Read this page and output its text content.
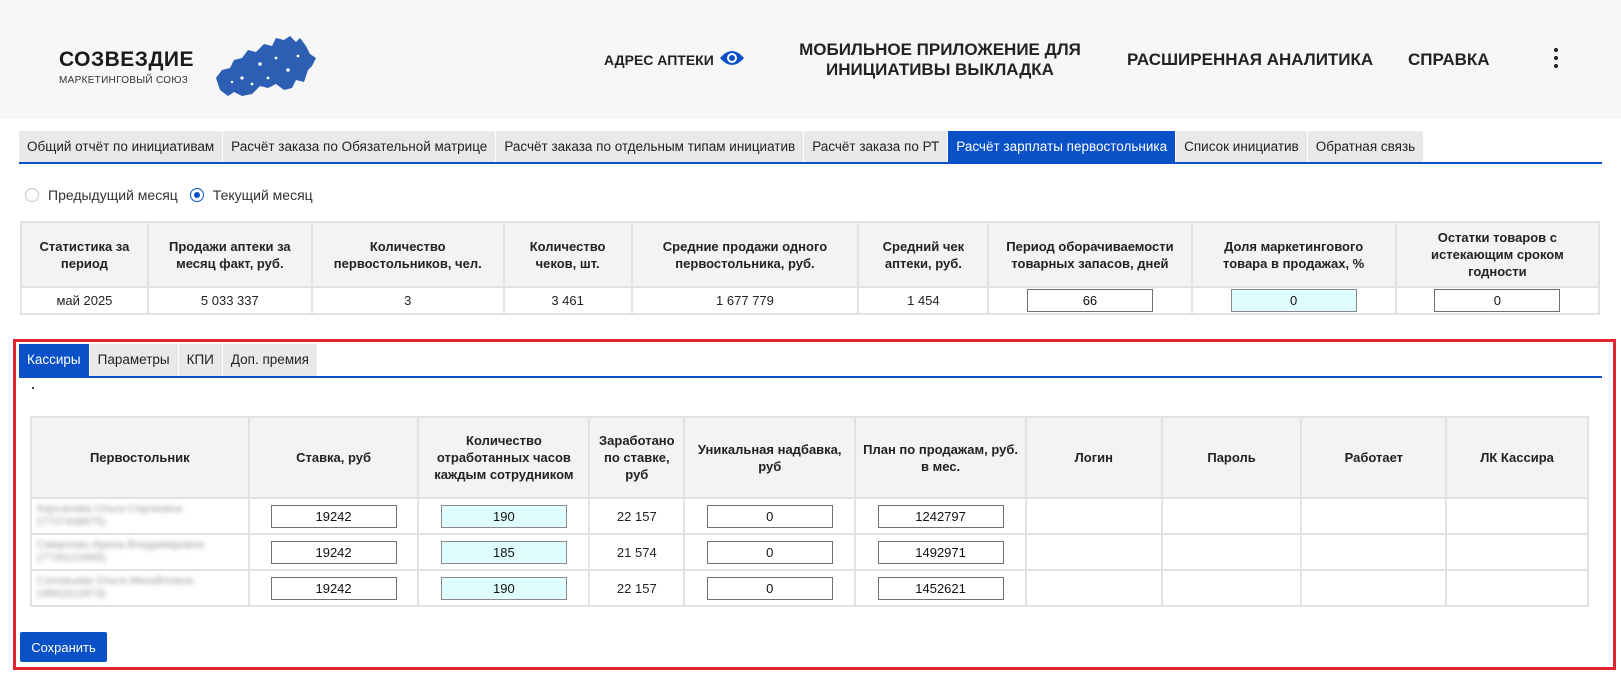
СОЗВЕЗДИЕ
МАРКЕТИНГОВЫЙ СОЮЗ
АДРЕС АПТЕКИ
МОБИЛЬНОЕ ПРИЛОЖЕНИЕ ДЛЯ
ИНИЦИАТИВЫ ВЫКЛАДКА
РАСШИРЕННАЯ АНАЛИТИКА СПРАВКА
Общий отчёт по инициативам	Расчёт заказа по Обязательной матрице	Расчёт заказа по отдельным типам инициатив	Расчёт заказа по РТ	Расчёт зарплаты первостольника	Список инициатив	Обратная связь
Предыдущий месяц	Текущий месяц
Статистика за период	Продажи аптеки за месяц факт, руб.	Количество первостольников, чел.	Количество чеков, шт.	Средние продажи одного первостольника, руб.	Средний чек аптеки, руб.	Период оборачиваемости товарных запасов, дней	Доля маркетингового товара в продажах, %	Остатки товаров с истекающим сроком годности
май 2025	5 033 337	3	3 461	1 677 779	1 454	66	0	0
Кассиры	Параметры	КПИ	Доп. премия
Первостольник	Ставка, руб	Количество отработанных часов каждым сотрудником	Заработано по ставке, руб	Уникальная надбавка, руб	План по продажам, руб. в мес.	Логин	Пароль	Работает	ЛК Кассира

Кирсанова Ольга Сергеевна (7737408675)	19242	190	22 157	0	1242797				

Смирнова Ирина Владимировна (7739123468)	19242	185	21 574	0	1492971				

Соловьева Ольга Михайловна (4891912873)	19242	190	22 157	0	1452621				
Сохранить
